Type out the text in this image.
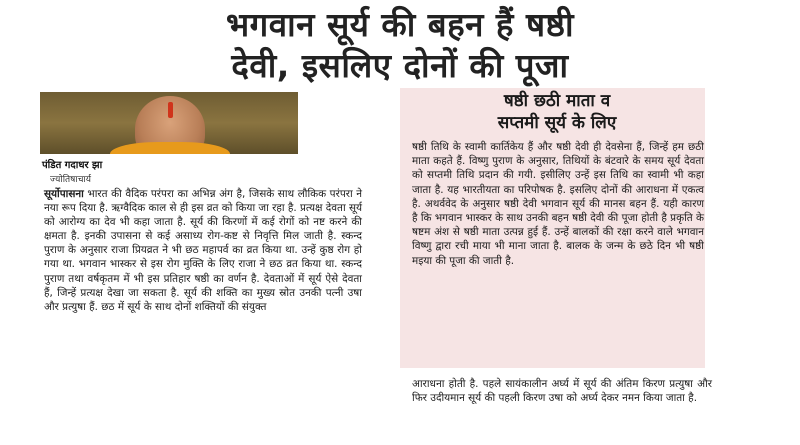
भगवान सूर्य की बहन हैं षष्ठी
देवी, इसलिए दोनों की पूजा
पंडित गदाधर झा
ज्योतिषाचार्य
सूर्योपासना भारत की वैदिक परंपरा का अभिन्न अंग है, जिसके साथ लौकिक परंपरा ने नया रूप दिया है. ऋग्वैदिक काल से ही इस व्रत को किया जा रहा है. प्रत्यक्ष देवता सूर्य को आरोग्य का देव भी कहा जाता है. सूर्य की किरणों में कई रोगों को नष्ट करने की क्षमता है. इनकी उपासना से कई असाध्य रोग-कष्ट से निवृत्ति मिल जाती है. स्कन्द पुराण के अनुसार राजा प्रियव्रत ने भी छठ महापर्व का व्रत किया था. उन्हें कुष्ठ रोग हो गया था. भगवान भास्कर से इस रोग मुक्ति के लिए राजा ने छठ व्रत किया था. स्कन्द पुराण तथा वर्षकृतम में भी इस प्रतिहार षष्ठी का वर्णन है. देवताओं में सूर्य ऐसे देवता हैं, जिन्हें प्रत्यक्ष देखा जा सकता है. सूर्य की शक्ति का मुख्य स्रोत उनकी पत्नी उषा और प्रत्युषा हैं. छठ में सूर्य के साथ दोनों शक्तियों की संयुक्त
षष्ठी छठी माता व
सप्तमी सूर्य के लिए
षष्ठी तिथि के स्वामी कार्तिकेय हैं और षष्ठी देवी ही देवसेना हैं, जिन्हें हम छठी माता कहते हैं. विष्णु पुराण के अनुसार, तिथियों के बंटवारे के समय सूर्य देवता को सप्तमी तिथि प्रदान की गयी. इसीलिए उन्हें इस तिथि का स्वामी भी कहा जाता है. यह भारतीयता का परिपोषक है. इसलिए दोनों की आराधना में एकत्व है. अथर्ववेद के अनुसार षष्ठी देवी भगवान सूर्य की मानस बहन हैं. यही कारण है कि भगवान भास्कर के साथ उनकी बहन षष्ठी देवी की पूजा होती है प्रकृति के षष्टम अंश से षष्ठी माता उत्पन्न हुई हैं. उन्हें बालकों की रक्षा करने वाले भगवान विष्णु द्वारा रची माया भी माना जाता है. बालक के जन्म के छठे दिन भी षष्ठी मइया की पूजा की जाती है.
आराधना होती है. पहले सायंकालीन अर्घ्य में सूर्य की अंतिम किरण प्रत्युषा और फिर उदीयमान सूर्य की पहली किरण उषा को अर्घ्य देकर नमन किया जाता है.
